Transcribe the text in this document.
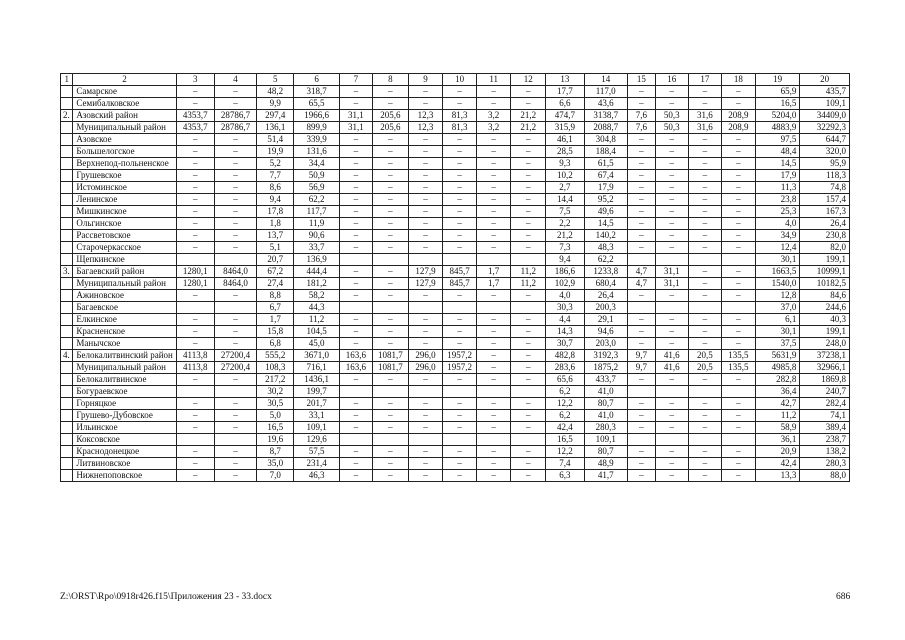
1	2	3	4	5	6	7	8	9	10	11	12	13	14	15	16	17	18	19	20
	Самарское	–	–	48,2	318,7	–	–	–	–	–	–	17,7	117,0	–	–	–	–	65,9	435,7
	Семибалковское	–	–	9,9	65,5	–	–	–	–	–	–	6,6	43,6	–	–	–	–	16,5	109,1
2.	Азовский район	4353,7	28786,7	297,4	1966,6	31,1	205,6	12,3	81,3	3,2	21,2	474,7	3138,7	7,6	50,3	31,6	208,9	5204,0	34409,0
	Муниципальный район	4353,7	28786,7	136,1	899,9	31,1	205,6	12,3	81,3	3,2	21,2	315,9	2088,7	7,6	50,3	31,6	208,9	4883,9	32292,3
	Азовское	–	–	51,4	339,9	–	–	–	–	–	–	46,1	304,8	–	–	–	–	97,5	644,7
	Большелогское	–	–	19,9	131,6	–	–	–	–	–	–	28,5	188,4	–	–	–	–	48,4	320,0
	Верхнепод-польненское	–	–	5,2	34,4	–	–	–	–	–	–	9,3	61,5	–	–	–	–	14,5	95,9
	Грушевское	–	–	7,7	50,9	–	–	–	–	–	–	10,2	67,4	–	–	–	–	17,9	118,3
	Истоминское	–	–	8,6	56,9	–	–	–	–	–	–	2,7	17,9	–	–	–	–	11,3	74,8
	Ленинское	–	–	9,4	62,2	–	–	–	–	–	–	14,4	95,2	–	–	–	–	23,8	157,4
	Мишкинское	–	–	17,8	117,7	–	–	–	–	–	–	7,5	49,6	–	–	–	–	25,3	167,3
	Ольгинское	–	–	1,8	11,9	–	–	–	–	–	–	2,2	14,5	–	–	–	–	4,0	26,4
	Рассветовское	–	–	13,7	90,6	–	–	–	–	–	–	21,2	140,2	–	–	–	–	34,9	230,8
	Старочеркасское	–	–	5,1	33,7	–	–	–	–	–	–	7,3	48,3	–	–	–	–	12,4	82,0
	Щепкинское			20,7	136,9							9,4	62,2					30,1	199,1
3.	Багаевский район	1280,1	8464,0	67,2	444,4	–	–	127,9	845,7	1,7	11,2	186,6	1233,8	4,7	31,1	–	–	1663,5	10999,1
	Муниципальный район	1280,1	8464,0	27,4	181,2	–	–	127,9	845,7	1,7	11,2	102,9	680,4	4,7	31,1	–	–	1540,0	10182,5
	Ажиновское	–	–	8,8	58,2	–	–	–	–	–	–	4,0	26,4	–	–	–	–	12,8	84,6
	Багаевское			6,7	44,3							30,3	200,3					37,0	244,6
	Елкинское	–	–	1,7	11,2	–	–	–	–	–	–	4,4	29,1	–	–	–	–	6,1	40,3
	Красненское	–	–	15,8	104,5	–	–	–	–	–	–	14,3	94,6	–	–	–	–	30,1	199,1
	Манычское	–	–	6,8	45,0	–	–	–	–	–	–	30,7	203,0	–	–	–	–	37,5	248,0
4.	Белокалитвинский район	4113,8	27200,4	555,2	3671,0	163,6	1081,7	296,0	1957,2	–	–	482,8	3192,3	9,7	41,6	20,5	135,5	5631,9	37238,1
	Муниципальный район	4113,8	27200,4	108,3	716,1	163,6	1081,7	296,0	1957,2	–	–	283,6	1875,2	9,7	41,6	20,5	135,5	4985,8	32966,1
	Белокалитвинское	–	–	217,2	1436,1	–	–	–	–	–	–	65,6	433,7	–	–	–	–	282,8	1869,8
	Богураевское			30,2	199,7							6,2	41,0					36,4	240,7
	Горняцкое	–	–	30,5	201,7	–	–	–	–	–	–	12,2	80,7	–	–	–	–	42,7	282,4
	Грушево-Дубовское	–	–	5,0	33,1	–	–	–	–	–	–	6,2	41,0	–	–	–	–	11,2	74,1
	Ильинское	–	–	16,5	109,1	–	–	–	–	–	–	42,4	280,3	–	–	–	–	58,9	389,4
	Коксовское			19,6	129,6							16,5	109,1					36,1	238,7
	Краснодонецкое	–	–	8,7	57,5	–	–	–	–	–	–	12,2	80,7	–	–	–	–	20,9	138,2
	Литвиновское	–	–	35,0	231,4	–	–	–	–	–	–	7,4	48,9	–	–	–	–	42,4	280,3
	Нижнепоповское	–	–	7,0	46,3	–	–	–	–	–	–	6,3	41,7	–	–	–	–	13,3	88,0
Z:\ORST\Rpo\0918r426.f15\Приложения 23 - 33.docx	686
